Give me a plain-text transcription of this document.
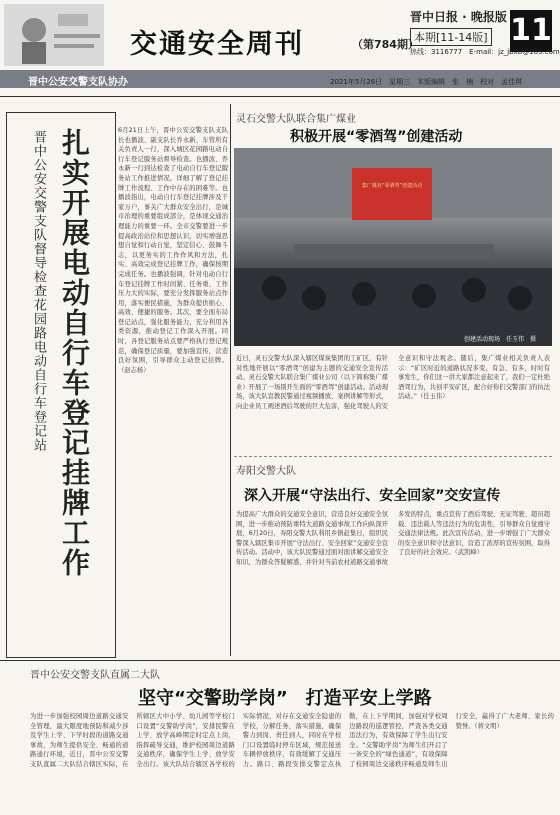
交通安全周刊	（第784期）
晋中日报 · 晚报版
本期[11-14版] 11
热线：3116777　E-mail：jz_jbxb@163.com
晋中公安交警支队协办	2021年5月26日　星期三　本版编辑　张　楠　校对　孟佳琪
晋中公安交警支队督导检查花园路电动自行车登记站 扎实开展电动自行车登记挂牌工作	6月21日上午，晋中公安交警支队支队长也播波、副支队长乔永新、车管所有关负责人一行，深入城区花园路电动自行车登记服务站督导检查。也播波、乔永新一行到达检查了电动自行车登记服务站工作推进情况，详细了解了登记挂牌工作流程、工作中存在的困难等。也播波指出，电动自行车登记挂牌涉及千家万户，事关广大群众安全出行，是城市治理的重要组成部分，是体现交通治理能力的重要一环。全市交警要进一步提高政治站位和思想认识，切实增强思想自觉和行动自觉，坚定信心、鼓舞斗志，以更务实的工作作风和方法，扎实、高效完成登记挂牌工作，确保按期完成任务。也播波强调，针对电动自行车登记挂牌工作时间紧、任务重、工作压力大的实际，要充分发挥服务站点作用，落实便民措施，为群众提供贴心、高效、便捷的服务。其次，要全面布局登记站点，强化服务能力，充分利用各类资源，推动登记工作深入开展。同时，各登记服务站点要严格执行登记规范，确保登记质量，要加强宣传，营造良好氛围，引导群众主动登记挂牌。（赵志杨）
灵石交警大队联合集广煤业
积极开展“零酒驾”创建活动
集广煤业“零酒驾”创建活动
创建活动现场　任玉伟　摄
近日，灵石交警大队深入辖区煤炭集团的工矿区，有针对性地开展以“零酒驾”创建为主题的交通安全宣传活动。灵石交警大队联合集广煤业公司（以下简称集广煤业）开展了一场别开生面的“零酒驾”创建活动。活动现场，该大队宣教民警通过视频播放、案例讲解等形式，向企业员工阐述酒后驾驶的巨大危害，强化驾驶人的安全意识和守法观念。随后，集广煤业相关负责人表示：“矿区时近的道路状况多变，有急、有多，时时有事发生，你们这一讲大家都注意起来了，我们一定杜绝酒驾行为，共创平安矿区，配合好你们交警部门的执法活动。”（任玉伟）
寿阳交警大队
深入开展“守法出行、安全回家”交安宣传
为提高广大群众的交通安全意识，营造良好交通安全氛围，进一步推动预防重特大道路交通事故工作向纵深开展，6月20日，寿阳交警大队利用乡镇赶集日，组织民警深入辖区集市开展“守法出行、安全回家”交通安全宣传活动。活动中，该大队民警通过面对面讲解交通安全知识，为群众答疑解惑，并针对当前农村道路交通事故多发的特点，重点宣传了酒后驾驶、无证驾驶、超员超载、违法载人等违法行为的危害性，引导群众自觉遵守交通法律法规。此次宣传活动，进一步增强了广大群众的安全意识和守法意识，营造了浓厚的宣传氛围，取得了良好的社会效应。（武凯峰）
晋中公安交警支队直属二大队
坚守“交警助学岗”　打造平安上学路
为进一步加强校园周边道路交通安全管理，最大限度地预防和减少涉及学生上学、下学时段的道路交通事故，为师生提供安全、畅通的道路通行环境，近日，晋中公安交警支队直属二大队结合辖区实际，在所辖区大中小学、幼儿园等学校门口设置“交警助学岗”，安排民警在上学、放学高峰期定时定点上岗，指挥疏导交通，维护校园周边道路交通秩序，确保学生上学、放学安全出行。该大队结合辖区各学校的实际情况，对存在交通安全隐患的学校，分解任务，落实措施，确保警力到岗、责任到人，同时在学校门口设置临时停车区域，规范接送车辆停放秩序，有效缓解了交通压力。路口、路段安排交警定点执勤，在上下学期间，加强对学校周边路段的巡逻管控，严查各类交通违法行为，有效保障了学生出行安全。“交警助学岗”为师生们开启了一条安全的“绿色通道”，有效保障了校园周边交通秩序畅通及师生出行安全，赢得了广大老师、家长的赞誉。（蒋文明）
